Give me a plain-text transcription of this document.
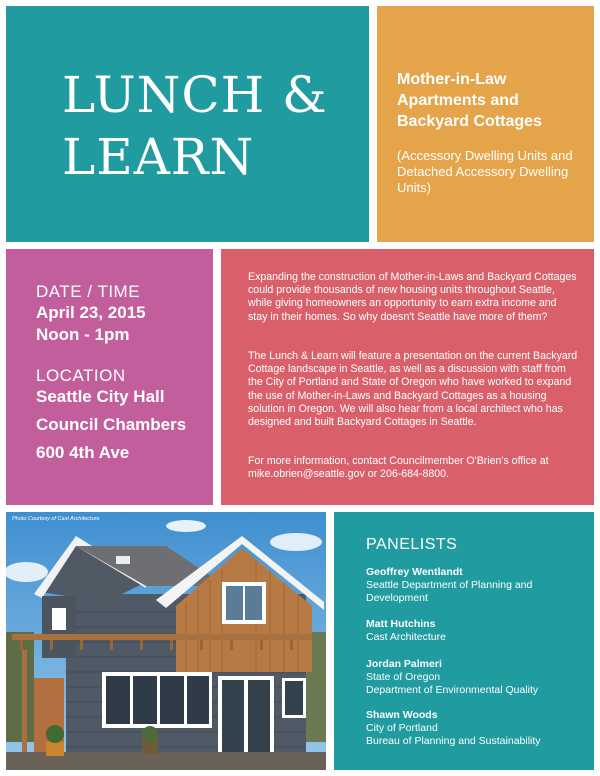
LUNCH &
LEARN
Mother-in-Law Apartments and Backyard Cottages
(Accessory Dwelling Units and Detached Accessory Dwelling Units)
DATE / TIME
April 23, 2015
Noon - 1pm
LOCATION
Seattle City Hall
Council Chambers
600 4th Ave

Expanding the construction of Mother-in-Laws and Backyard Cottages could provide thousands of new housing units throughout Seattle, while giving homeowners an opportunity to earn extra income and stay in their homes. So why doesn't Seattle have more of them?

The Lunch & Learn will feature a presentation on the current Backyard Cottage landscape in Seattle, as well as a discussion with staff from the City of Portland and State of Oregon who have worked to expand the use of Mother-in-Laws and Backyard Cottages as a housing solution in Oregon. We will also hear from a local architect who has designed and built Backyard Cottages in Seattle.

For more information, contact Councilmember O'Brien's office at mike.obrien@seattle.gov or 206-684-8800.

Photo Courtesy of Cast Architecture
PANELISTS
Geoffrey Wentlandt
Seattle Department of Planning and
Development
Matt Hutchins
Cast Architecture
Jordan Palmeri
State of Oregon
Department of Environmental Quality
Shawn Woods
City of Portland
Bureau of Planning and Sustainability
